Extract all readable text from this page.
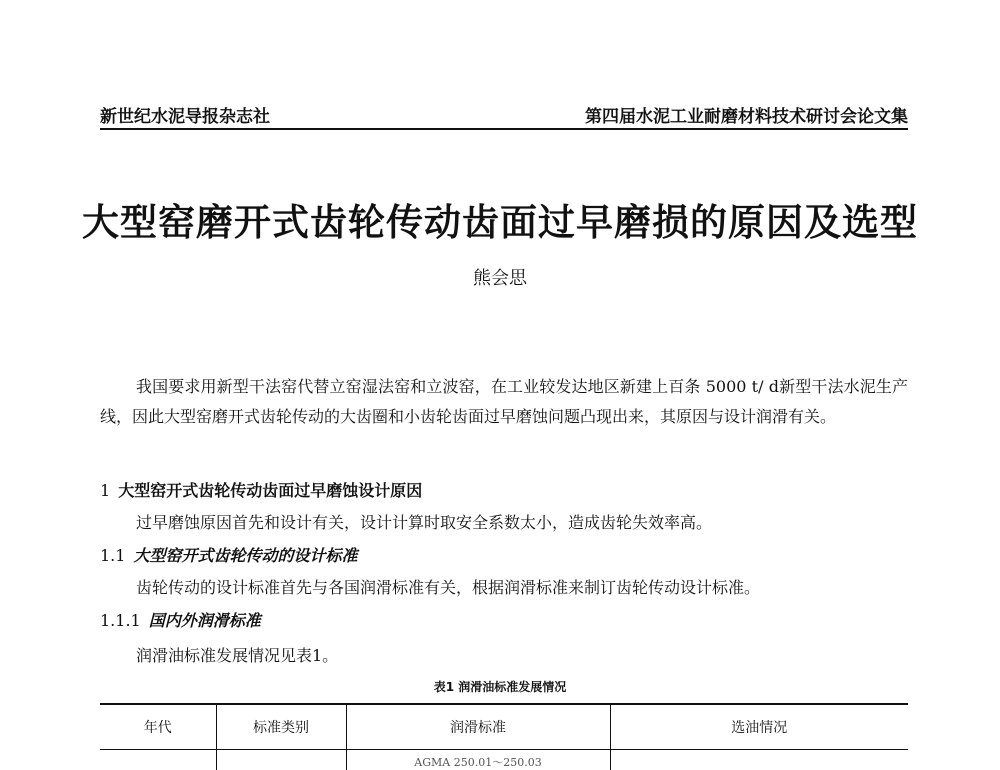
新世纪水泥导报杂志社	第四届水泥工业耐磨材料技术研讨会论文集
大型窑磨开式齿轮传动齿面过早磨损的原因及选型
熊会思
我国要求用新型干法窑代替立窑湿法窑和立波窑，在工业较发达地区新建上百条 5000 t/ d新型干法水泥生产线，因此大型窑磨开式齿轮传动的大齿圈和小齿轮齿面过早磨蚀问题凸现出来，其原因与设计润滑有关。
1 大型窑开式齿轮传动齿面过早磨蚀设计原因
过早磨蚀原因首先和设计有关，设计计算时取安全系数太小，造成齿轮失效率高。
1.1 大型窑开式齿轮传动的设计标准
齿轮传动的设计标准首先与各国润滑标准有关，根据润滑标准来制订齿轮传动设计标准。
1.1.1 国内外润滑标准
润滑油标准发展情况见表1。
表1 润滑油标准发展情况
年代	标准类别	润滑标准	选油情况
		AGMA 250.01～250.03	
